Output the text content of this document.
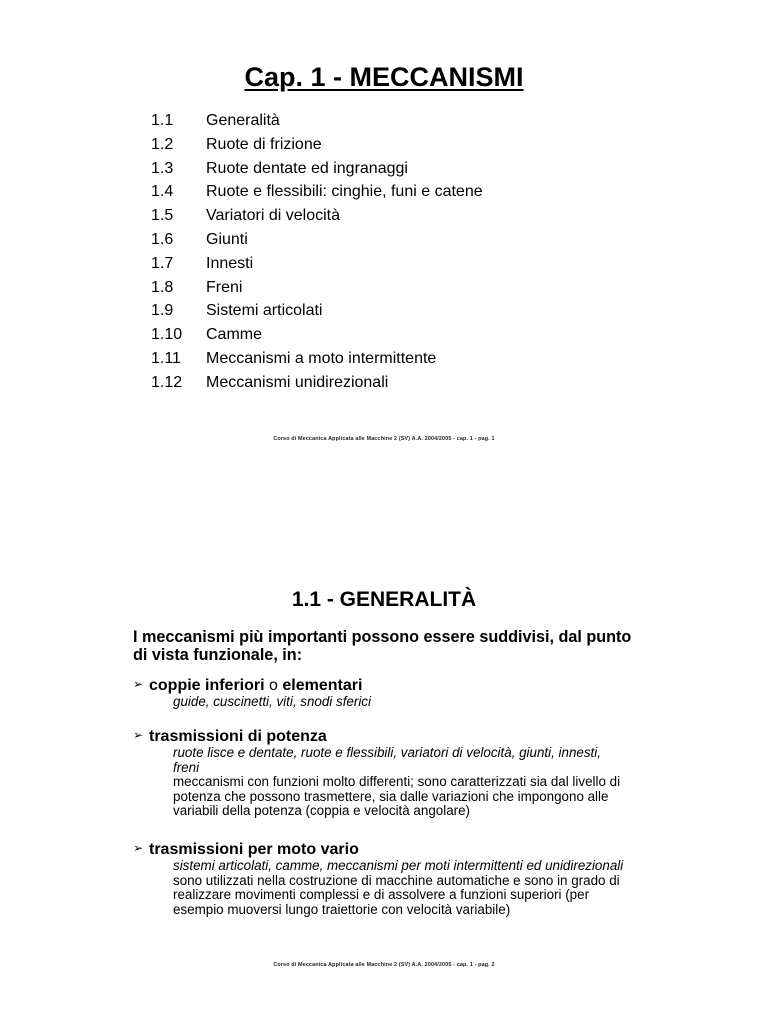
Cap. 1 - MECCANISMI
1.1 Generalità
1.2 Ruote di frizione
1.3 Ruote dentate ed ingranaggi
1.4 Ruote e flessibili: cinghie, funi e catene
1.5 Variatori di velocità
1.6 Giunti
1.7 Innesti
1.8 Freni
1.9 Sistemi articolati
1.10 Camme
1.11 Meccanismi a moto intermittente
1.12 Meccanismi unidirezionali
Corso di Meccanica Applicata alle Macchine 2 (SV) A.A. 2004/2005 - cap. 1 - pag. 1
1.1 - GENERALITÀ
I meccanismi più importanti possono essere suddivisi, dal punto di vista funzionale, in:
➢ coppie inferiori o elementari
guide, cuscinetti, viti, snodi sferici
➢ trasmissioni di potenza
ruote lisce e dentate, ruote e flessibili, variatori di velocità, giunti, innesti, freni
meccanismi con funzioni molto differenti; sono caratterizzati sia dal livello di potenza che possono trasmettere, sia dalle variazioni che impongono alle variabili della potenza (coppia e velocità angolare)
➢ trasmissioni per moto vario
sistemi articolati, camme, meccanismi per moti intermittenti ed unidirezionali
sono utilizzati nella costruzione di macchine automatiche e sono in grado di realizzare movimenti complessi e di assolvere a funzioni superiori (per esempio muoversi lungo traiettorie con velocità variabile)
Corso di Meccanica Applicata alle Macchine 2 (SV) A.A. 2004/2005 - cap. 1 - pag. 2
